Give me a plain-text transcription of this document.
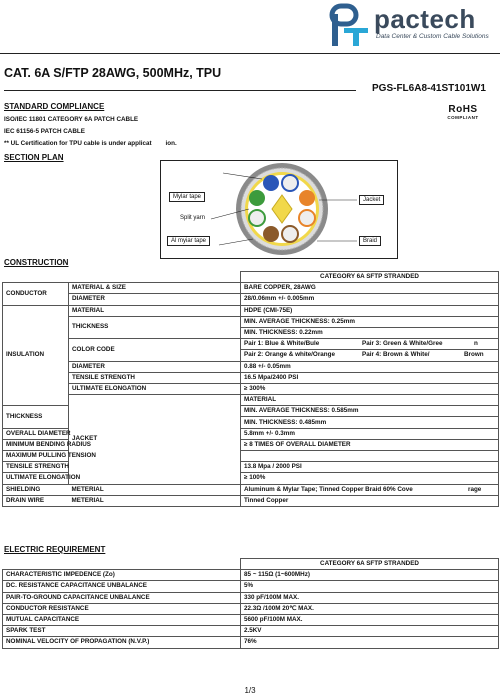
pactech
Data Center & Custom Cable Solutions
CAT. 6A S/FTP 28AWG, 500MHz, TPU
PGS-FL6A8-41ST101W1
STANDARD COMPLIANCE
ISO/IEC 11801 CATEGORY 6A PATCH CABLE
IEC 61156-5 PATCH CABLE
** UL Certification for TPU cable is under applicat        ion.
RoHS
COMPLIANT
SECTION PLAN
Mylar tape
Split yarn
Al myiar tape
Jacket
Braid
CONSTRUCTION
		CATEGORY 6A SFTP STRANDED	
CONDUCTOR	MATERIAL & SIZE	BARE COPPER, 28AWG	
	DIAMETER	28/0.06mm +/- 0.005mm	
INSULATION	MATERIAL	HDPE (CMI-75E)	
	THICKNESS	MIN. AVERAGE THICKNESS: 0.25mm	
		MIN. THICKNESS: 0.22mm	
	COLOR CODE	Pair 1: Blue & White/Bule Pair 3: Green & White/Gree n	
		Pair 2: Orange & white/Orange Pair 4: Brown & White/ Brown	
	DIAMETER	0.88 +/- 0.05mm	
	TENSILE STRENGTH	16.5 Mpa/2400 PSI	
	ULTIMATE ELONGATION	≥ 300%	
	JACKET	MATERIAL	
THICKNESS		MIN. AVERAGE THICKNESS: 0.585mm	
		MIN. THICKNESS: 0.485mm	
OVERALL DIAMETER		5.8mm +/- 0.3mm	
MINIMUM BENDING RADIUS		≥ 8 TIMES OF OVERALL DIAMETER	
MAXIMUM PULLING TENSION			
TENSILE STRENGTH		13.8 Mpa / 2000 PSI	
ULTIMATE ELONGATION		≥ 100%	
SHIELDING	METERIAL	Aluminum & Mylar Tape; Tinned Copper Braid 60% Cove rage	
DRAIN WIRE	METERIAL	Tinned Copper	
ELECTRIC REQUIREMENT
	CATEGORY 6A SFTP STRANDED
CHARACTERISTIC IMPEDENCE (Zo)	85 ~ 115Ω (1~600MHz)
DC. RESISTANCE CAPACITANCE UNBALANCE	5%
PAIR-TO-GROUND CAPACITANCE UNBALANCE	330 pF/100M MAX.
CONDUCTOR RESISTANCE	22.3Ω /100M 20℃ MAX.
MUTUAL CAPACITANCE	5600 pF/100M MAX.
SPARK TEST	2.5KV
NOMINAL VELOCITY OF PROPAGATION (N.V.P.)	76%
1/3
